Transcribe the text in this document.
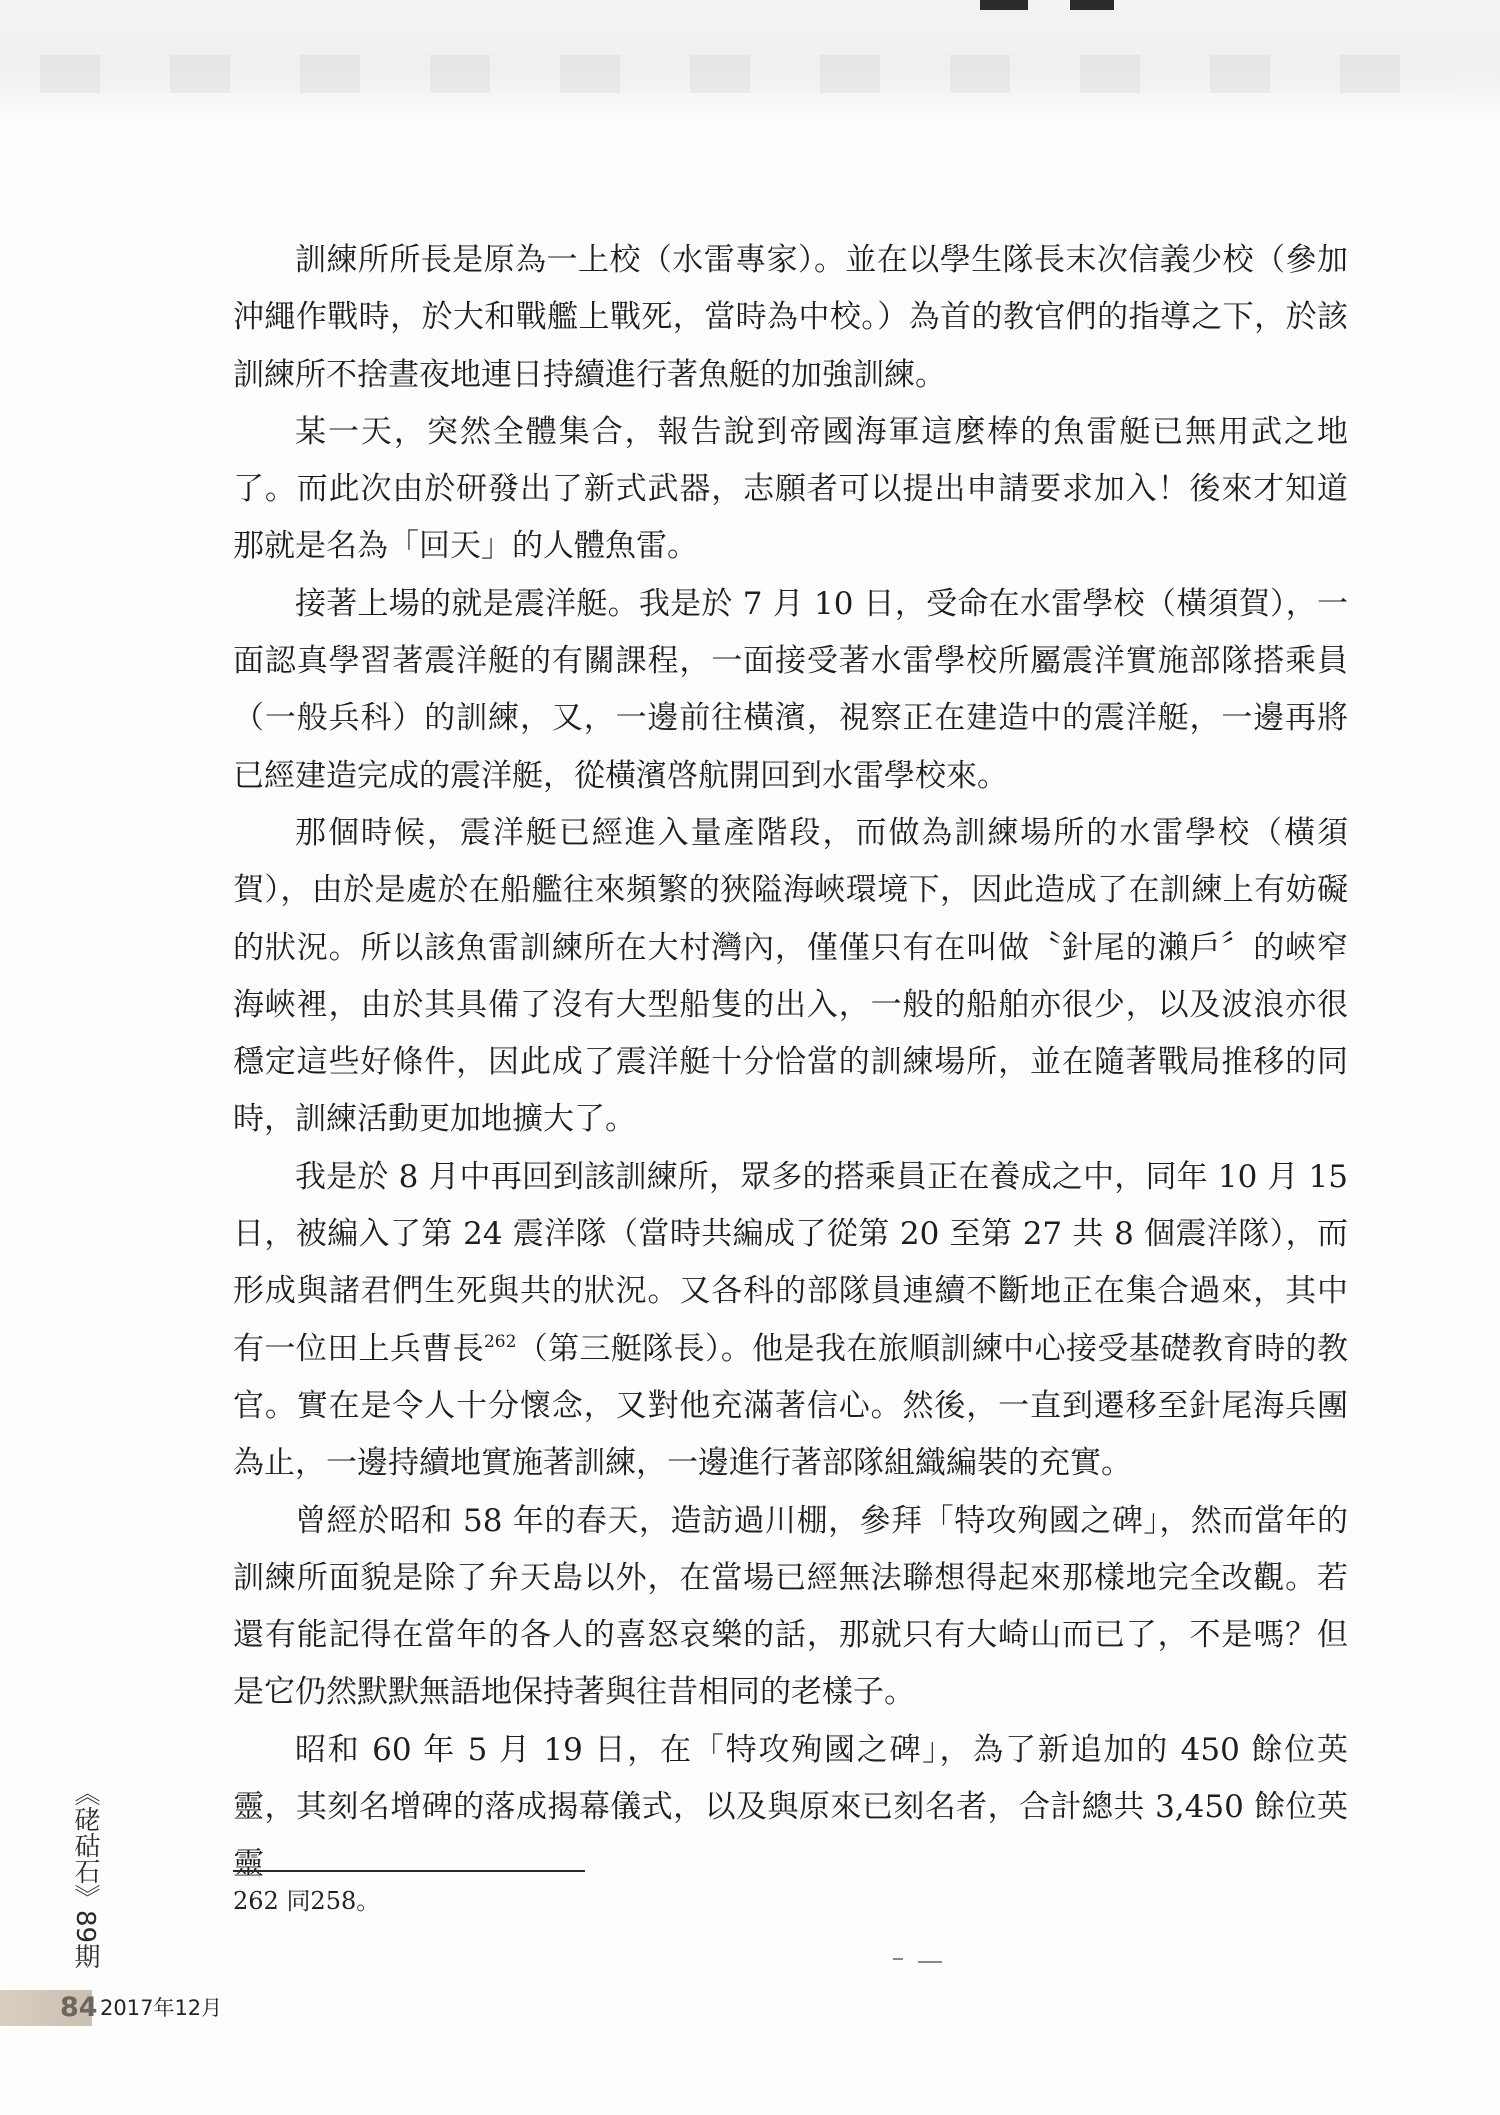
訓練所所長是原為一上校（水雷專家）。並在以學生隊長末次信義少校（參加沖繩作戰時，於大和戰艦上戰死，當時為中校。）為首的教官們的指導之下，於該訓練所不捨晝夜地連日持續進行著魚艇的加強訓練。

某一天，突然全體集合，報告說到帝國海軍這麼棒的魚雷艇已無用武之地了。而此次由於研發出了新式武器，志願者可以提出申請要求加入！後來才知道那就是名為「回天」的人體魚雷。

接著上場的就是震洋艇。我是於 7 月 10 日，受命在水雷學校（橫須賀），一面認真學習著震洋艇的有關課程，一面接受著水雷學校所屬震洋實施部隊搭乘員（一般兵科）的訓練，又，一邊前往橫濱，視察正在建造中的震洋艇，一邊再將已經建造完成的震洋艇，從橫濱啓航開回到水雷學校來。

那個時候，震洋艇已經進入量產階段，而做為訓練場所的水雷學校（橫須賀），由於是處於在船艦往來頻繁的狹隘海峽環境下，因此造成了在訓練上有妨礙的狀況。所以該魚雷訓練所在大村灣內，僅僅只有在叫做〝針尾的瀨戶〞的峽窄海峽裡，由於其具備了沒有大型船隻的出入，一般的船舶亦很少，以及波浪亦很穩定這些好條件，因此成了震洋艇十分恰當的訓練場所，並在隨著戰局推移的同時，訓練活動更加地擴大了。

我是於 8 月中再回到該訓練所，眾多的搭乘員正在養成之中，同年 10 月 15 日，被編入了第 24 震洋隊（當時共編成了從第 20 至第 27 共 8 個震洋隊），而形成與諸君們生死與共的狀況。又各科的部隊員連續不斷地正在集合過來，其中有一位田上兵曹長$^{262}$（第三艇隊長）。他是我在旅順訓練中心接受基礎教育時的教官。實在是令人十分懷念，又對他充滿著信心。然後，一直到遷移至針尾海兵團為止，一邊持續地實施著訓練，一邊進行著部隊組織編裝的充實。

曾經於昭和 58 年的春天，造訪過川棚，參拜「特攻殉國之碑」，然而當年的訓練所面貌是除了弁天島以外，在當場已經無法聯想得起來那樣地完全改觀。若還有能記得在當年的各人的喜怒哀樂的話，那就只有大崎山而已了，不是嗎？但是它仍然默默無語地保持著與往昔相同的老樣子。

昭和 60 年 5 月 19 日，在「特攻殉國之碑」，為了新追加的 450 餘位英靈，其刻名增碑的落成揭幕儀式，以及與原來已刻名者，合計總共 3,450 餘位英靈

262 同258。

《硓𥑮石》89期

84 2017年12月
